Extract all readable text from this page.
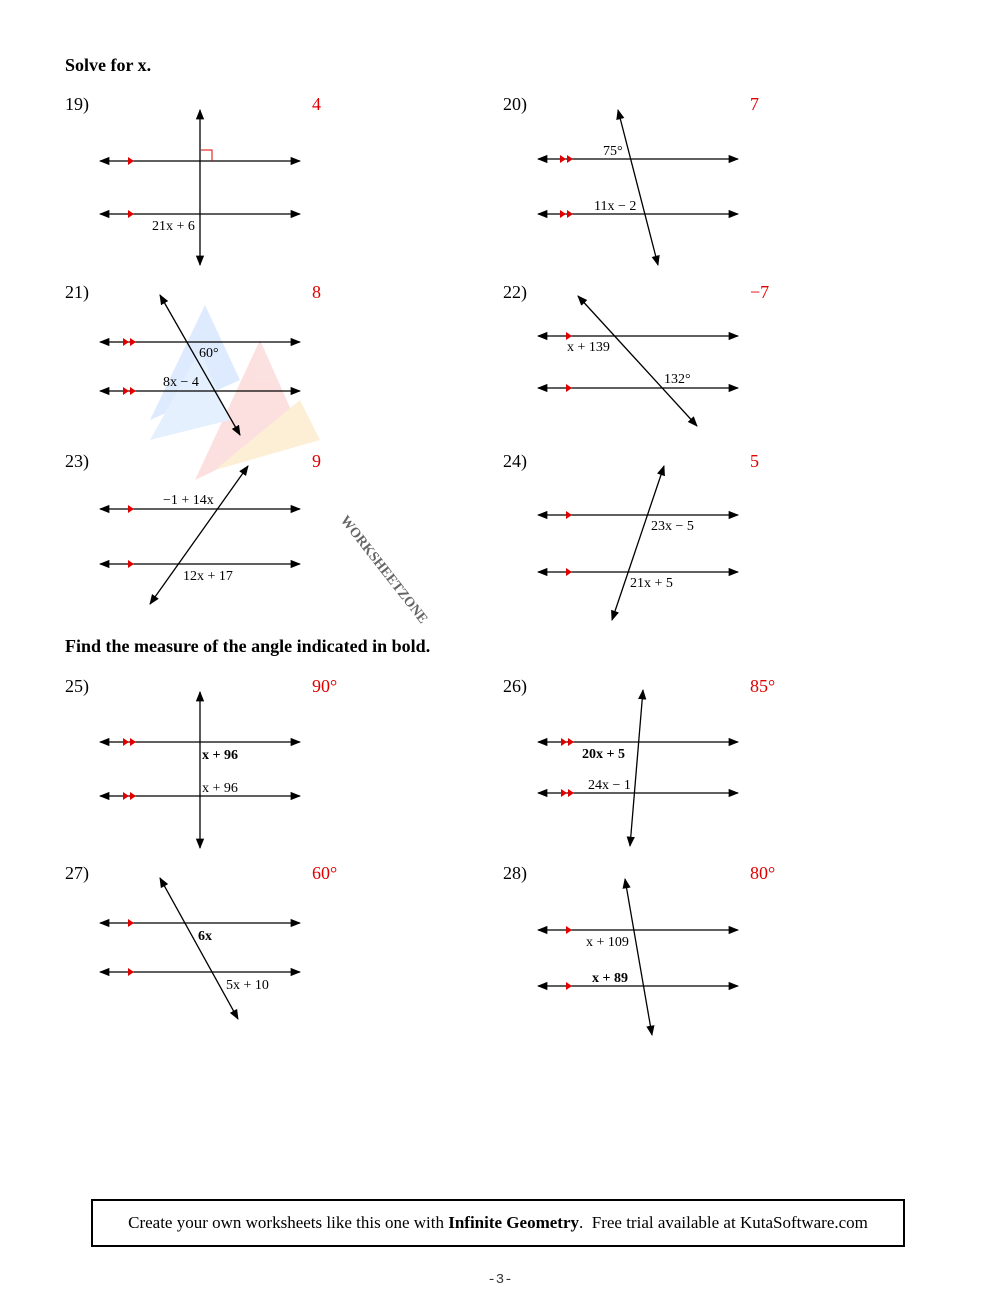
WORKSHEETZONE
Solve for x.
Find the measure of the angle indicated in bold.
19)	20)
21)	22)
23)	24)
25)	26)
27)	28)
4	7
8	−7
9	5
90°	85°
60°	80°
21x + 6
75°
11x − 2
60°
8x − 4
x + 139
132°
−1 + 14x
12x + 17
23x − 5
21x + 5
x + 96
x + 96
20x + 5
24x − 1
6x
5x + 10
x + 109
x + 89
Create your own worksheets like this one with Infinite Geometry .  Free trial available at KutaSoftware.com
-3-
